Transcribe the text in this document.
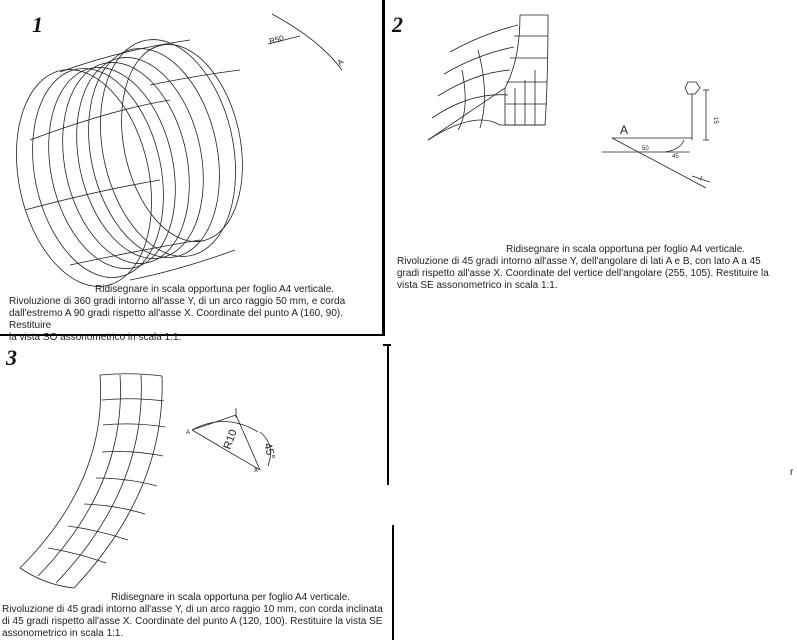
1
R50
A
Ridisegnare in scala opportuna per foglio A4 verticale.
Rivoluzione di 360 gradi intorno all'asse Y, di un arco raggio 50 mm, e corda
dall'estremo A 90 gradi rispetto all'asse X. Coordinate del punto A (160, 90). Restituire
la vista SO assonometrico in scala 1:1.
2
A
50
15
45
Ridisegnare in scala opportuna per foglio A4 verticale.
Rivoluzione di 45 gradi intorno all'asse Y, dell'angolare di lati A e B, con lato A a 45
gradi rispetto all'asse X. Coordinate del vertice dell'angolare (255, 105). Restituire la
vista SE assonometrico in scala 1:1.
3
R10
45°
A
x
Ridisegnare in scala opportuna per foglio A4 verticale.
Rivoluzione di 45 gradi intorno all'asse Y, di un arco raggio 10 mm, con corda inclinata
di 45 gradi rispetto all'asse X. Coordinate del punto A (120, 100). Restituire la vista SE
assonometrico in scala 1:1.
r
